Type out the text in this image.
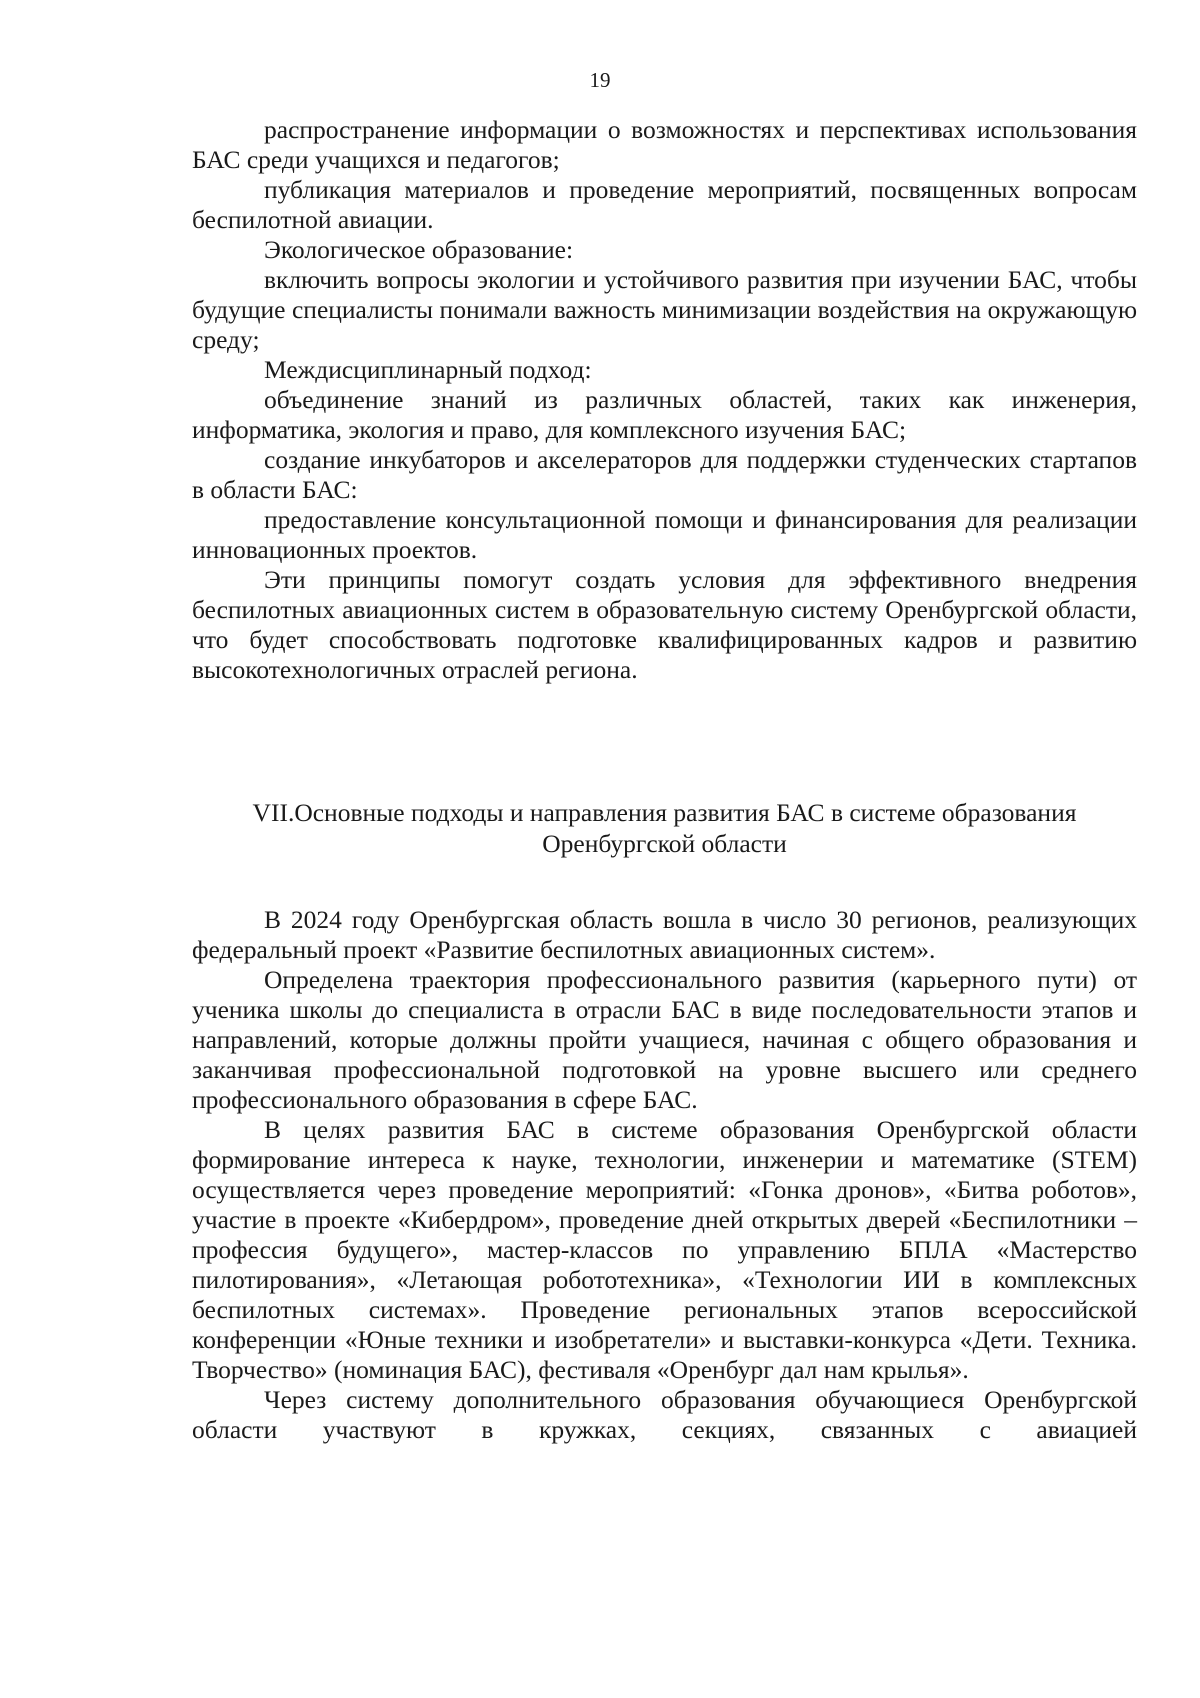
19

распространение информации о возможностях и перспективах использования БАС среди учащихся и педагогов;

публикация материалов и проведение мероприятий, посвященных вопросам беспилотной авиации.

Экологическое образование:

включить вопросы экологии и устойчивого развития при изучении БАС, чтобы будущие специалисты понимали важность минимизации воздействия на окружающую среду;

Междисциплинарный подход:

объединение знаний из различных областей, таких как инженерия, информатика, экология и право, для комплексного изучения БАС;

создание инкубаторов и акселераторов для поддержки студенческих стартапов в области БАС:

предоставление консультационной помощи и финансирования для реализации инновационных проектов.

Эти принципы помогут создать условия для эффективного внедрения беспилотных авиационных систем в образовательную систему Оренбургской области, что будет способствовать подготовке квалифицированных кадров и развитию высокотехнологичных отраслей региона.

VII.Основные подходы и направления развития БАС в системе образования
Оренбургской области

В 2024 году Оренбургская область вошла в число 30 регионов, реализующих федеральный проект «Развитие беспилотных авиационных систем».

Определена траектория профессионального развития (карьерного пути) от ученика школы до специалиста в отрасли БАС в виде последовательности этапов и направлений, которые должны пройти учащиеся, начиная с общего образования и заканчивая профессиональной подготовкой на уровне высшего или среднего профессионального образования в сфере БАС.

В целях развития БАС в системе образования Оренбургской области формирование интереса к науке, технологии, инженерии и математике (STEM) осуществляется через проведение мероприятий: «Гонка дронов», «Битва роботов», участие в проекте «Кибердром», проведение дней открытых дверей «Беспилотники – профессия будущего», мастер-классов по управлению БПЛА «Мастерство пилотирования», «Летающая робототехника», «Технологии ИИ в комплексных беспилотных системах». Проведение региональных этапов всероссийской конференции «Юные техники и изобретатели» и выставки-конкурса «Дети. Техника. Творчество» (номинация БАС), фестиваля «Оренбург дал нам крылья».

Через систему дополнительного образования обучающиеся Оренбургской области участвуют в кружках, секциях, связанных с авиацией
